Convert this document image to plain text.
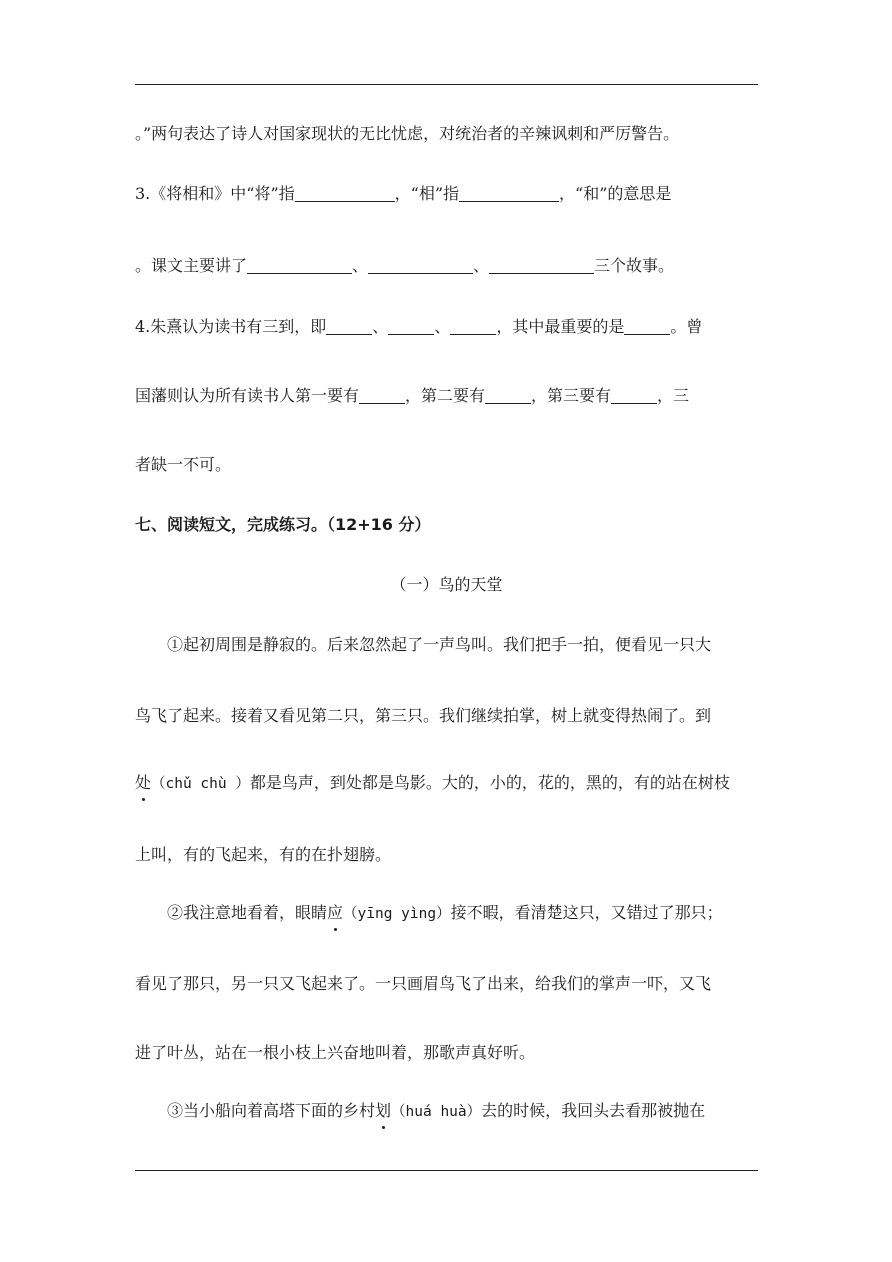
。”两句表达了诗人对国家现状的无比忧虑，对统治者的辛辣讽刺和严厉警告。
3.《将相和》中“将”指	，“相”指	，“和”的意思是
。课文主要讲了	、	、	三个故事。
4.朱熹认为读书有三到，即	、	、	，其中最重要的是	。曾
国藩则认为所有读书人第一要有	，第二要有	，第三要有	，三
者缺一不可。
七、阅读短文，完成练习。（12+16 分）
（一）鸟的天堂
①起初周围是静寂的。后来忽然起了一声鸟叫。我们把手一拍，便看见一只大
鸟飞了起来。接着又看见第二只，第三只。我们继续拍掌，树上就变得热闹了。到
处（chǔ chù ）都是鸟声，到处都是鸟影。大的，小的，花的，黑的，有的站在树枝
上叫，有的飞起来，有的在扑翅膀。
②我注意地看着，眼睛应（yīng yìng）接不暇，看清楚这只，又错过了那只；
看见了那只，另一只又飞起来了。一只画眉鸟飞了出来，给我们的掌声一吓，又飞
进了叶丛，站在一根小枝上兴奋地叫着，那歌声真好听。
③当小船向着高塔下面的乡村划（huá huà）去的时候，我回头去看那被抛在
